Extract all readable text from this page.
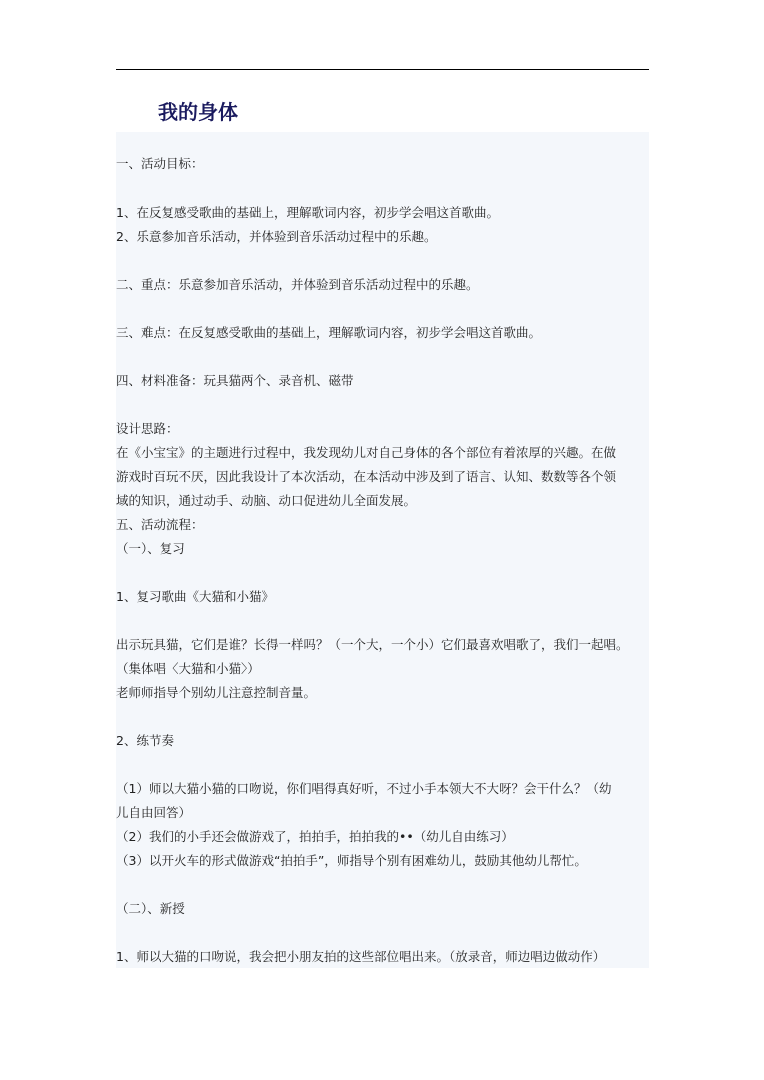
我的身体
一、活动目标：
1、在反复感受歌曲的基础上，理解歌词内容，初步学会唱这首歌曲。
2、乐意参加音乐活动，并体验到音乐活动过程中的乐趣。
二、重点：乐意参加音乐活动，并体验到音乐活动过程中的乐趣。
三、难点：在反复感受歌曲的基础上，理解歌词内容，初步学会唱这首歌曲。
四、材料准备：玩具猫两个、录音机、磁带
设计思路：
在《小宝宝》的主题进行过程中，我发现幼儿对自己身体的各个部位有着浓厚的兴趣。在做
游戏时百玩不厌，因此我设计了本次活动，在本活动中涉及到了语言、认知、数数等各个领
域的知识，通过动手、动脑、动口促进幼儿全面发展。
五、活动流程：
（一）、复习
1、复习歌曲《大猫和小猫》
出示玩具猫，它们是谁？长得一样吗？（一个大，一个小）它们最喜欢唱歌了，我们一起唱。
（集体唱〈大猫和小猫〉）
老师师指导个别幼儿注意控制音量。
2、练节奏
（1）师以大猫小猫的口吻说，你们唱得真好听，不过小手本领大不大呀？会干什么？（幼
儿自由回答）
（2）我们的小手还会做游戏了，拍拍手，拍拍我的••（幼儿自由练习）
（3）以开火车的形式做游戏“拍拍手”，师指导个别有困难幼儿，鼓励其他幼儿帮忙。
（二）、新授
1、师以大猫的口吻说，我会把小朋友拍的这些部位唱出来。（放录音，师边唱边做动作）
